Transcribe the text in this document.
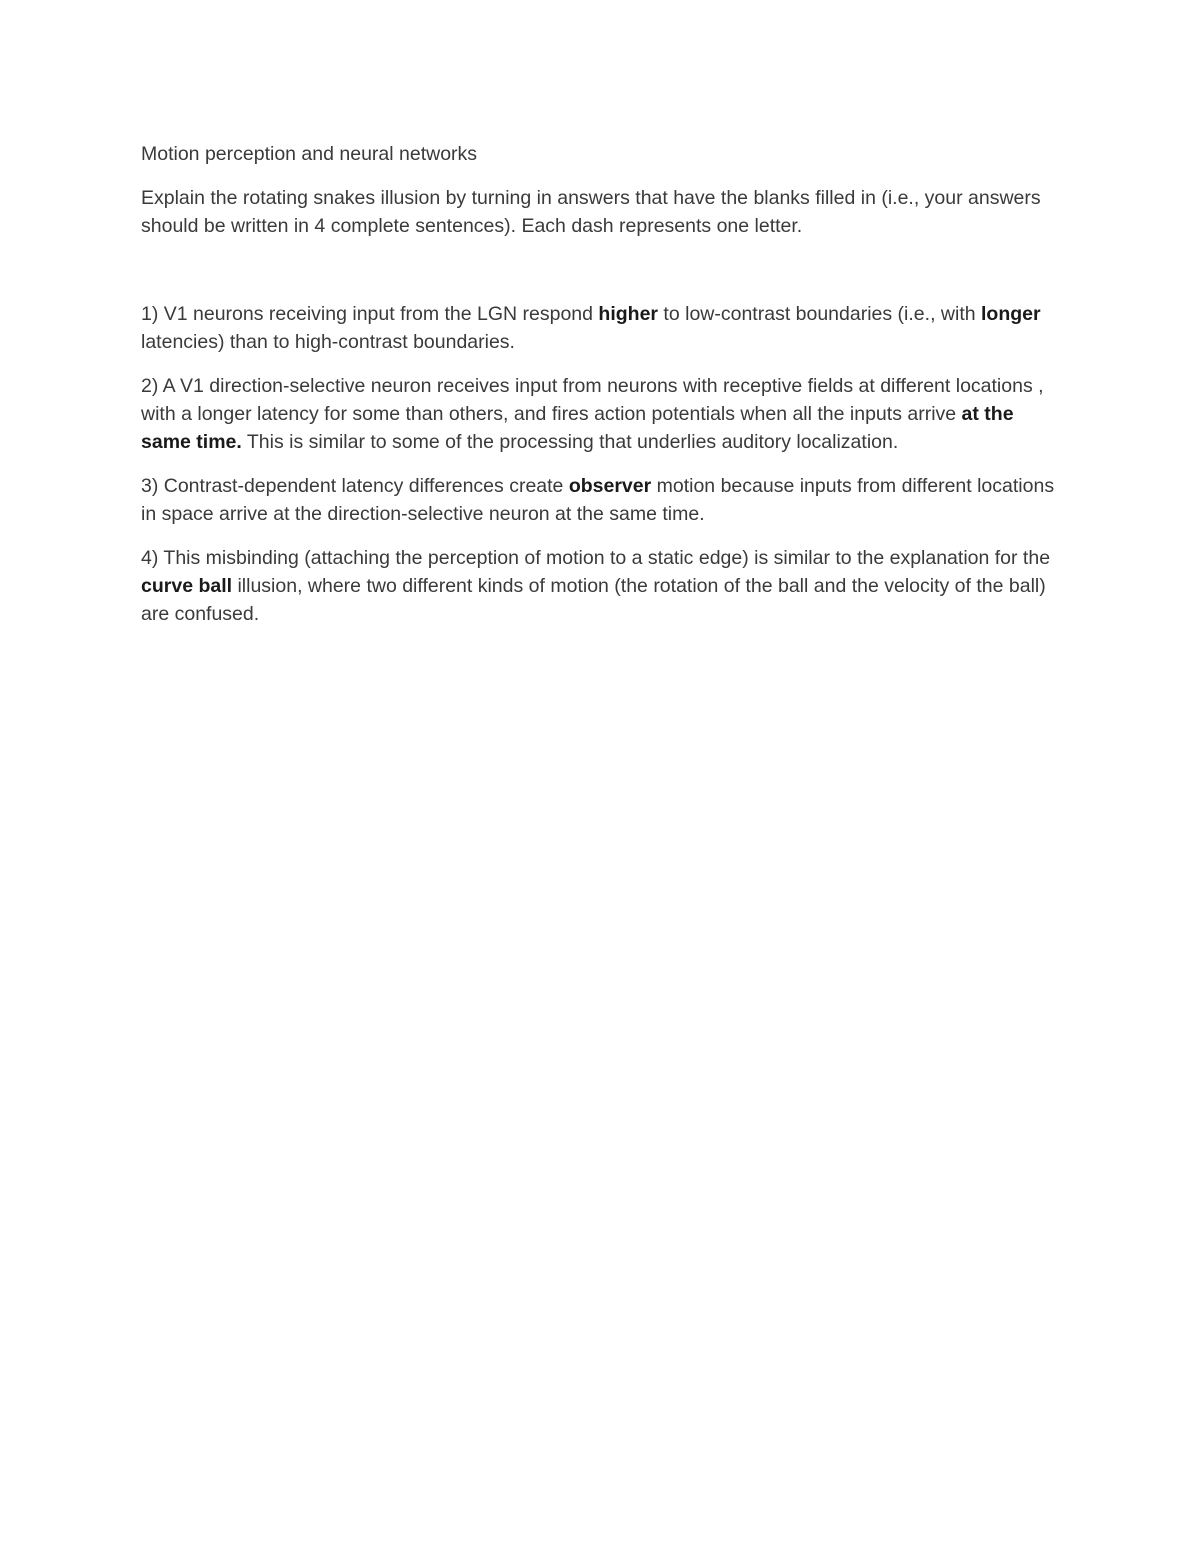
Motion perception and neural networks

Explain the rotating snakes illusion by turning in answers that have the blanks filled in (i.e., your answers should be written in 4 complete sentences). Each dash represents one letter.

1) V1 neurons receiving input from the LGN respond higher to low-contrast boundaries (i.e., with longer latencies) than to high-contrast boundaries.

2) A V1 direction-selective neuron receives input from neurons with receptive fields at different locations , with a longer latency for some than others, and fires action potentials when all the inputs arrive at the same time. This is similar to some of the processing that underlies auditory localization.

3) Contrast-dependent latency differences create observer motion because inputs from different locations in space arrive at the direction-selective neuron at the same time.

4) This misbinding (attaching the perception of motion to a static edge) is similar to the explanation for the curve ball illusion, where two different kinds of motion (the rotation of the ball and the velocity of the ball) are confused.
